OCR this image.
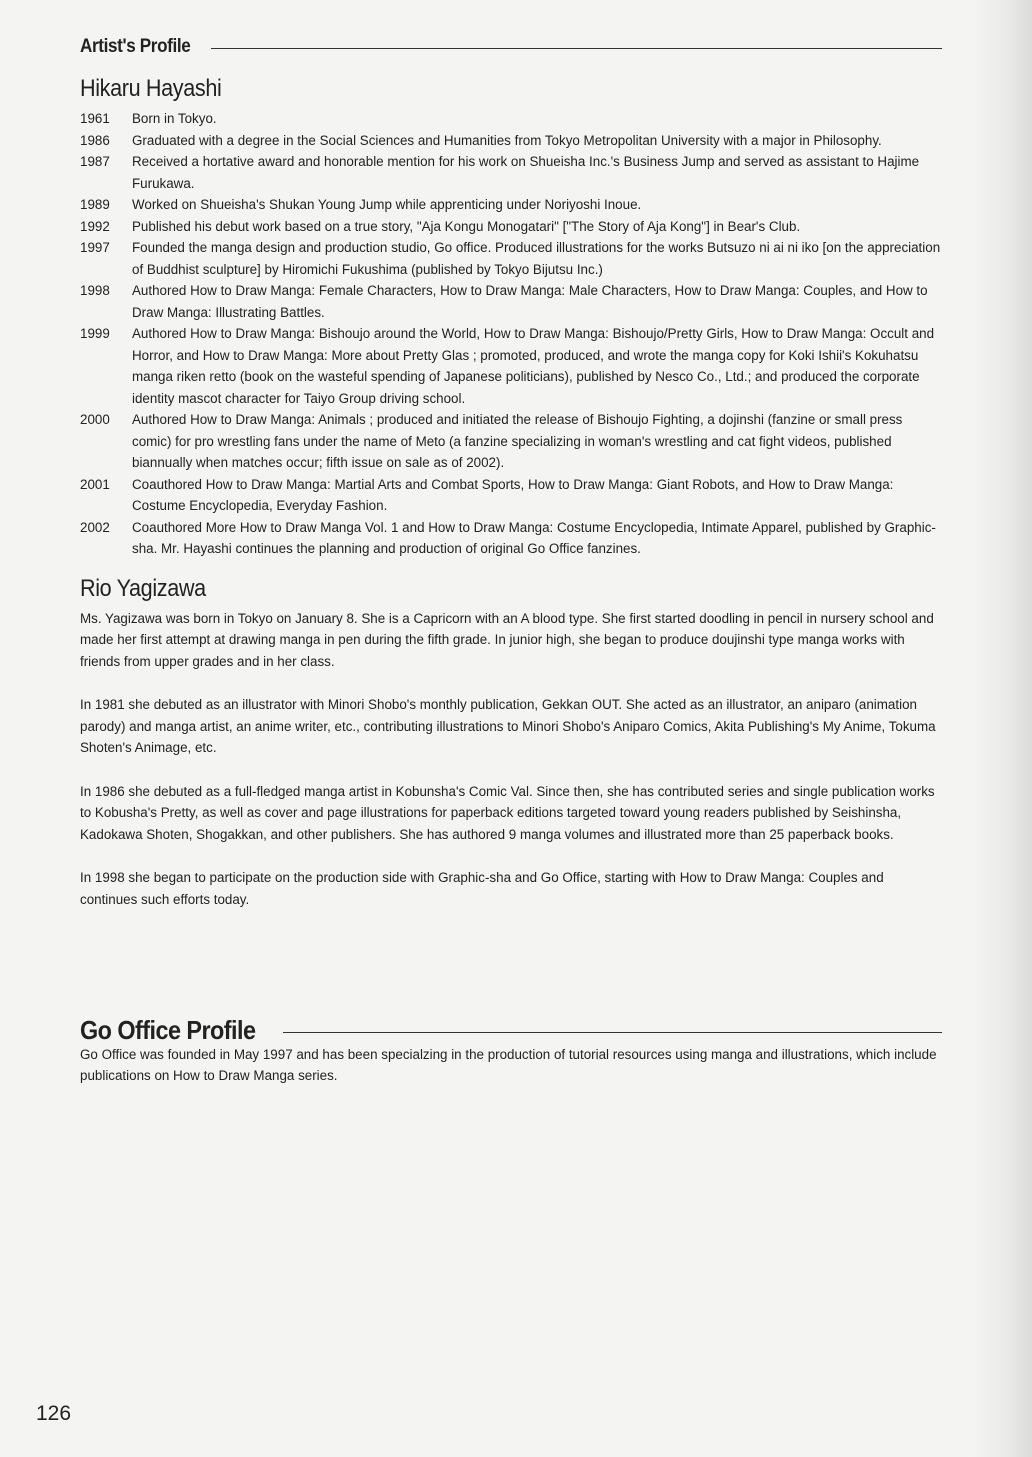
Artist's Profile
Hikaru Hayashi
1961	Born in Tokyo.
1986	Graduated with a degree in the Social Sciences and Humanities from Tokyo Metropolitan University with a major in Philosophy.
1987	Received a hortative award and honorable mention for his work on Shueisha Inc.'s Business Jump and served as assistant to Hajime Furukawa.
1989	Worked on Shueisha's Shukan Young Jump while apprenticing under Noriyoshi Inoue.
1992	Published his debut work based on a true story, "Aja Kongu Monogatari" ["The Story of Aja Kong"] in Bear's Club.
1997	Founded the manga design and production studio, Go office. Produced illustrations for the works Butsuzo ni ai ni iko [on the appreciation of Buddhist sculpture] by Hiromichi Fukushima (published by Tokyo Bijutsu Inc.)
1998	Authored How to Draw Manga: Female Characters, How to Draw Manga: Male Characters, How to Draw Manga: Couples, and How to Draw Manga: Illustrating Battles.
1999	Authored How to Draw Manga: Bishoujo around the World, How to Draw Manga: Bishoujo/Pretty Girls, How to Draw Manga: Occult and Horror, and How to Draw Manga: More about Pretty Glas ; promoted, produced, and wrote the manga copy for Koki Ishii's Kokuhatsu manga riken retto (book on the wasteful spending of Japanese politicians), published by Nesco Co., Ltd.; and produced the corporate identity mascot character for Taiyo Group driving school.
2000	Authored How to Draw Manga: Animals ; produced and initiated the release of Bishoujo Fighting, a dojinshi (fanzine or small press comic) for pro wrestling fans under the name of Meto (a fanzine specializing in woman's wrestling and cat fight videos, published biannually when matches occur; fifth issue on sale as of 2002).
2001	Coauthored How to Draw Manga: Martial Arts and Combat Sports, How to Draw Manga: Giant Robots, and How to Draw Manga: Costume Encyclopedia, Everyday Fashion.
2002	Coauthored More How to Draw Manga Vol. 1 and How to Draw Manga: Costume Encyclopedia, Intimate Apparel, published by Graphic-sha. Mr. Hayashi continues the planning and production of original Go Office fanzines.
Rio Yagizawa

Ms. Yagizawa was born in Tokyo on January 8. She is a Capricorn with an A blood type. She first started doodling in pencil in nursery school and made her first attempt at drawing manga in pen during the fifth grade. In junior high, she began to produce doujinshi type manga works with friends from upper grades and in her class.

In 1981 she debuted as an illustrator with Minori Shobo's monthly publication, Gekkan OUT. She acted as an illustrator, an aniparo (animation parody) and manga artist, an anime writer, etc., contributing illustrations to Minori Shobo's Aniparo Comics, Akita Publishing's My Anime, Tokuma Shoten's Animage, etc.

In 1986 she debuted as a full-fledged manga artist in Kobunsha's Comic Val. Since then, she has contributed series and single publication works to Kobusha's Pretty, as well as cover and page illustrations for paperback editions targeted toward young readers published by Seishinsha, Kadokawa Shoten, Shogakkan, and other publishers. She has authored 9 manga volumes and illustrated more than 25 paperback books.

In 1998 she began to participate on the production side with Graphic-sha and Go Office, starting with How to Draw Manga: Couples and continues such efforts today.

Go Office Profile

Go Office was founded in May 1997 and has been specialzing in the production of tutorial resources using manga and illustrations, which include publications on How to Draw Manga series.

126
